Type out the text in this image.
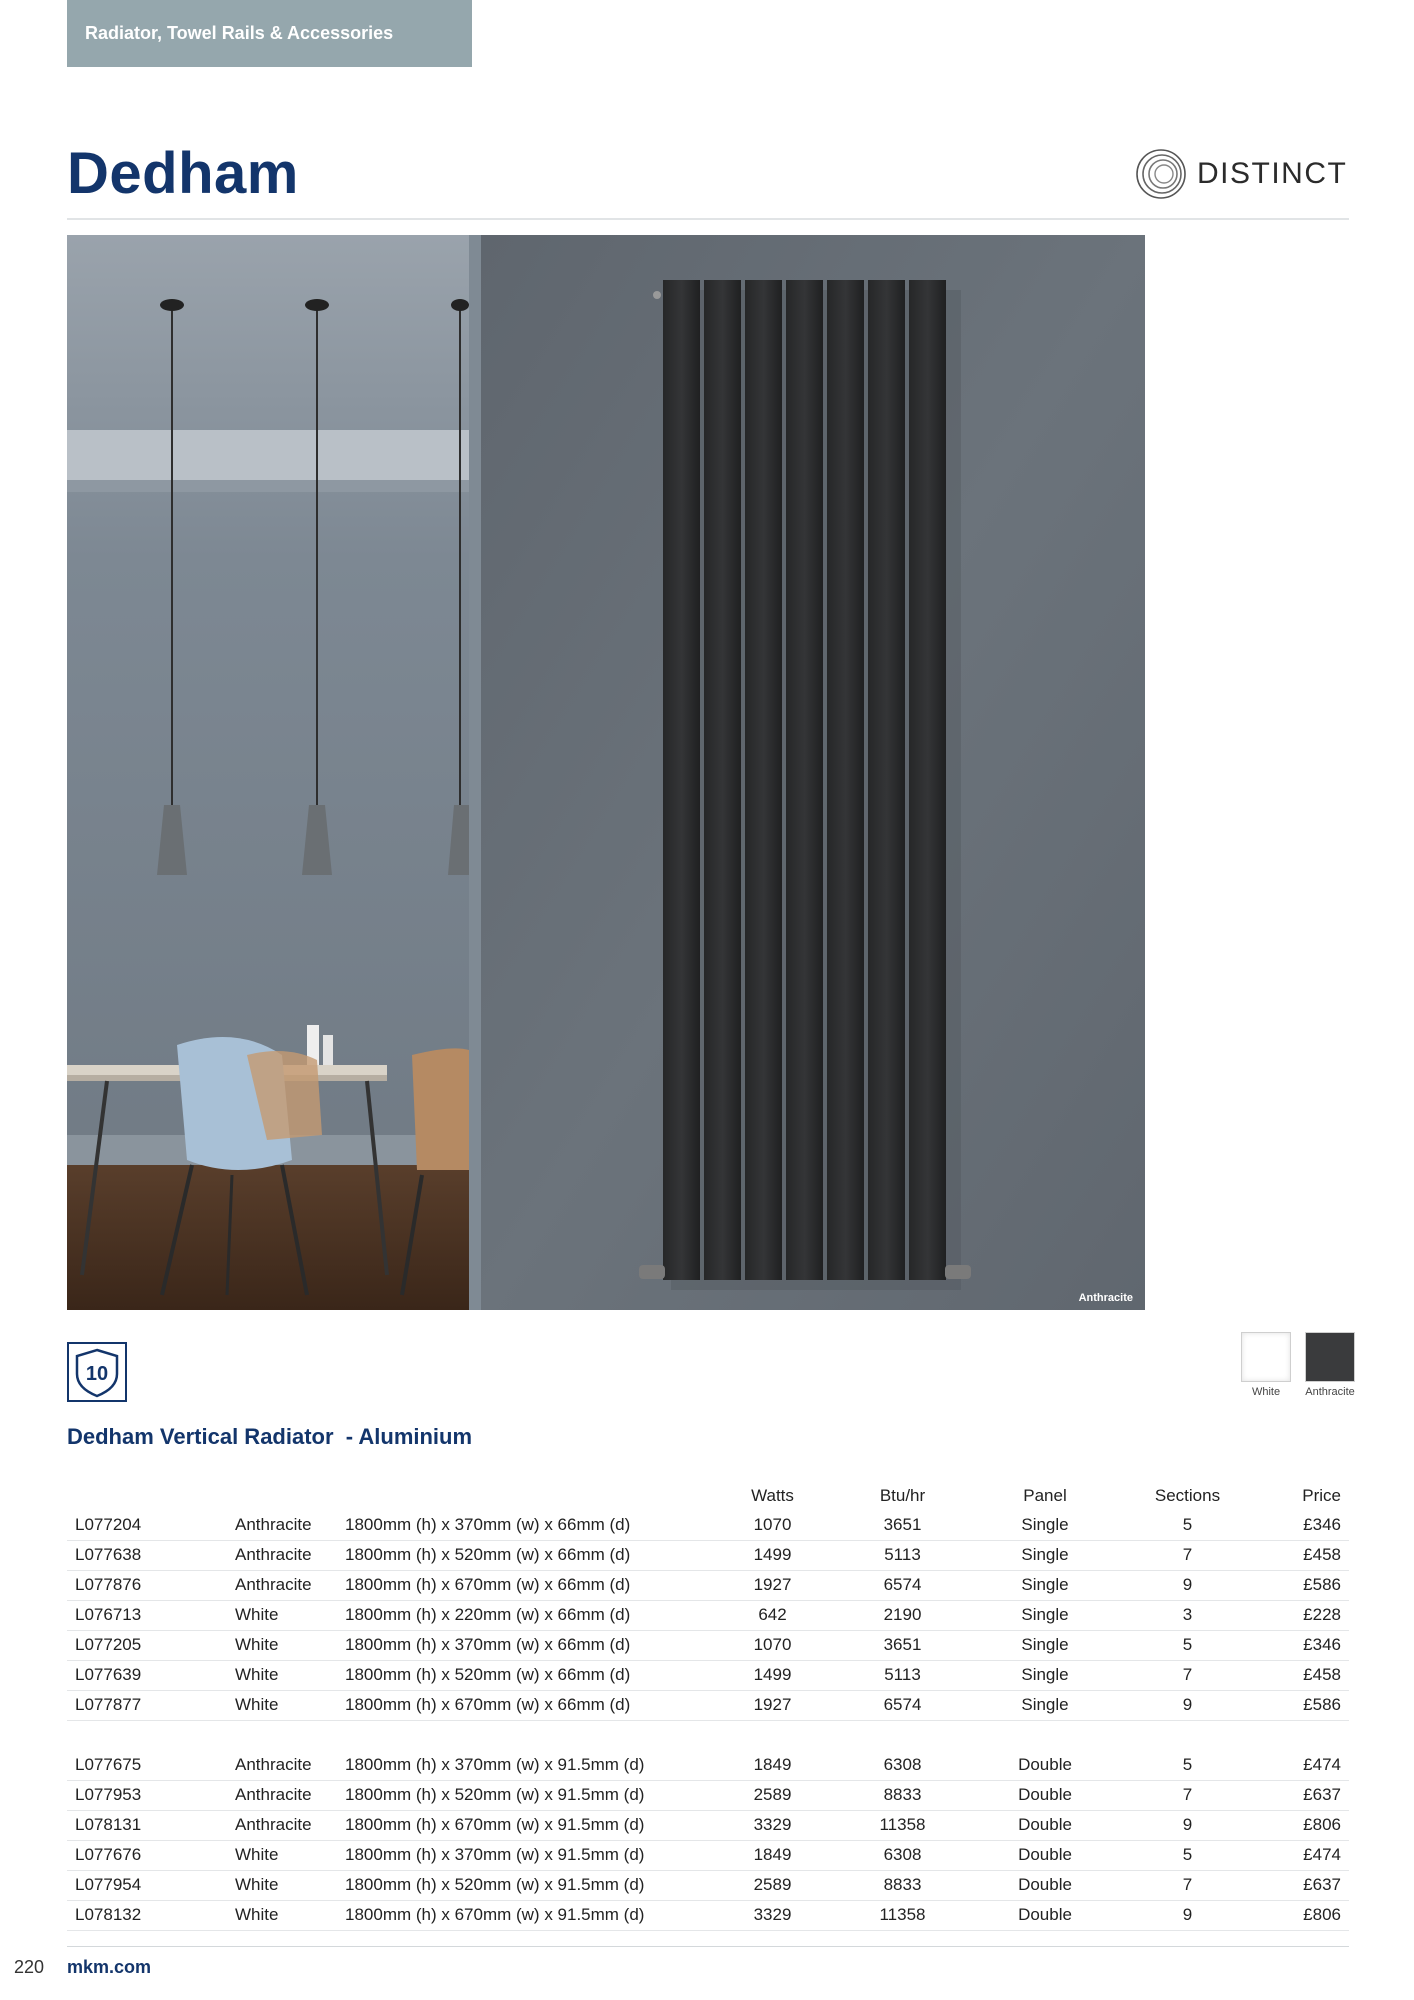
Radiator, Towel Rails & Accessories
Dedham	DISTINCT
Anthracite
10
White Anthracite
Dedham Vertical Radiator  - Aluminium
			Watts	Btu/hr	Panel	Sections	Price
L077204	Anthracite	1800mm (h) x 370mm (w) x 66mm (d)	1070	3651	Single	5	£346
L077638	Anthracite	1800mm (h) x 520mm (w) x 66mm (d)	1499	5113	Single	7	£458
L077876	Anthracite	1800mm (h) x 670mm (w) x 66mm (d)	1927	6574	Single	9	£586
L076713	White	1800mm (h) x 220mm (w) x 66mm (d)	642	2190	Single	3	£228
L077205	White	1800mm (h) x 370mm (w) x 66mm (d)	1070	3651	Single	5	£346
L077639	White	1800mm (h) x 520mm (w) x 66mm (d)	1499	5113	Single	7	£458
L077877	White	1800mm (h) x 670mm (w) x 66mm (d)	1927	6574	Single	9	£586

L077675	Anthracite	1800mm (h) x 370mm (w) x 91.5mm (d)	1849	6308	Double	5	£474
L077953	Anthracite	1800mm (h) x 520mm (w) x 91.5mm (d)	2589	8833	Double	7	£637
L078131	Anthracite	1800mm (h) x 670mm (w) x 91.5mm (d)	3329	11358	Double	9	£806
L077676	White	1800mm (h) x 370mm (w) x 91.5mm (d)	1849	6308	Double	5	£474
L077954	White	1800mm (h) x 520mm (w) x 91.5mm (d)	2589	8833	Double	7	£637
L078132	White	1800mm (h) x 670mm (w) x 91.5mm (d)	3329	11358	Double	9	£806
220 mkm.com
